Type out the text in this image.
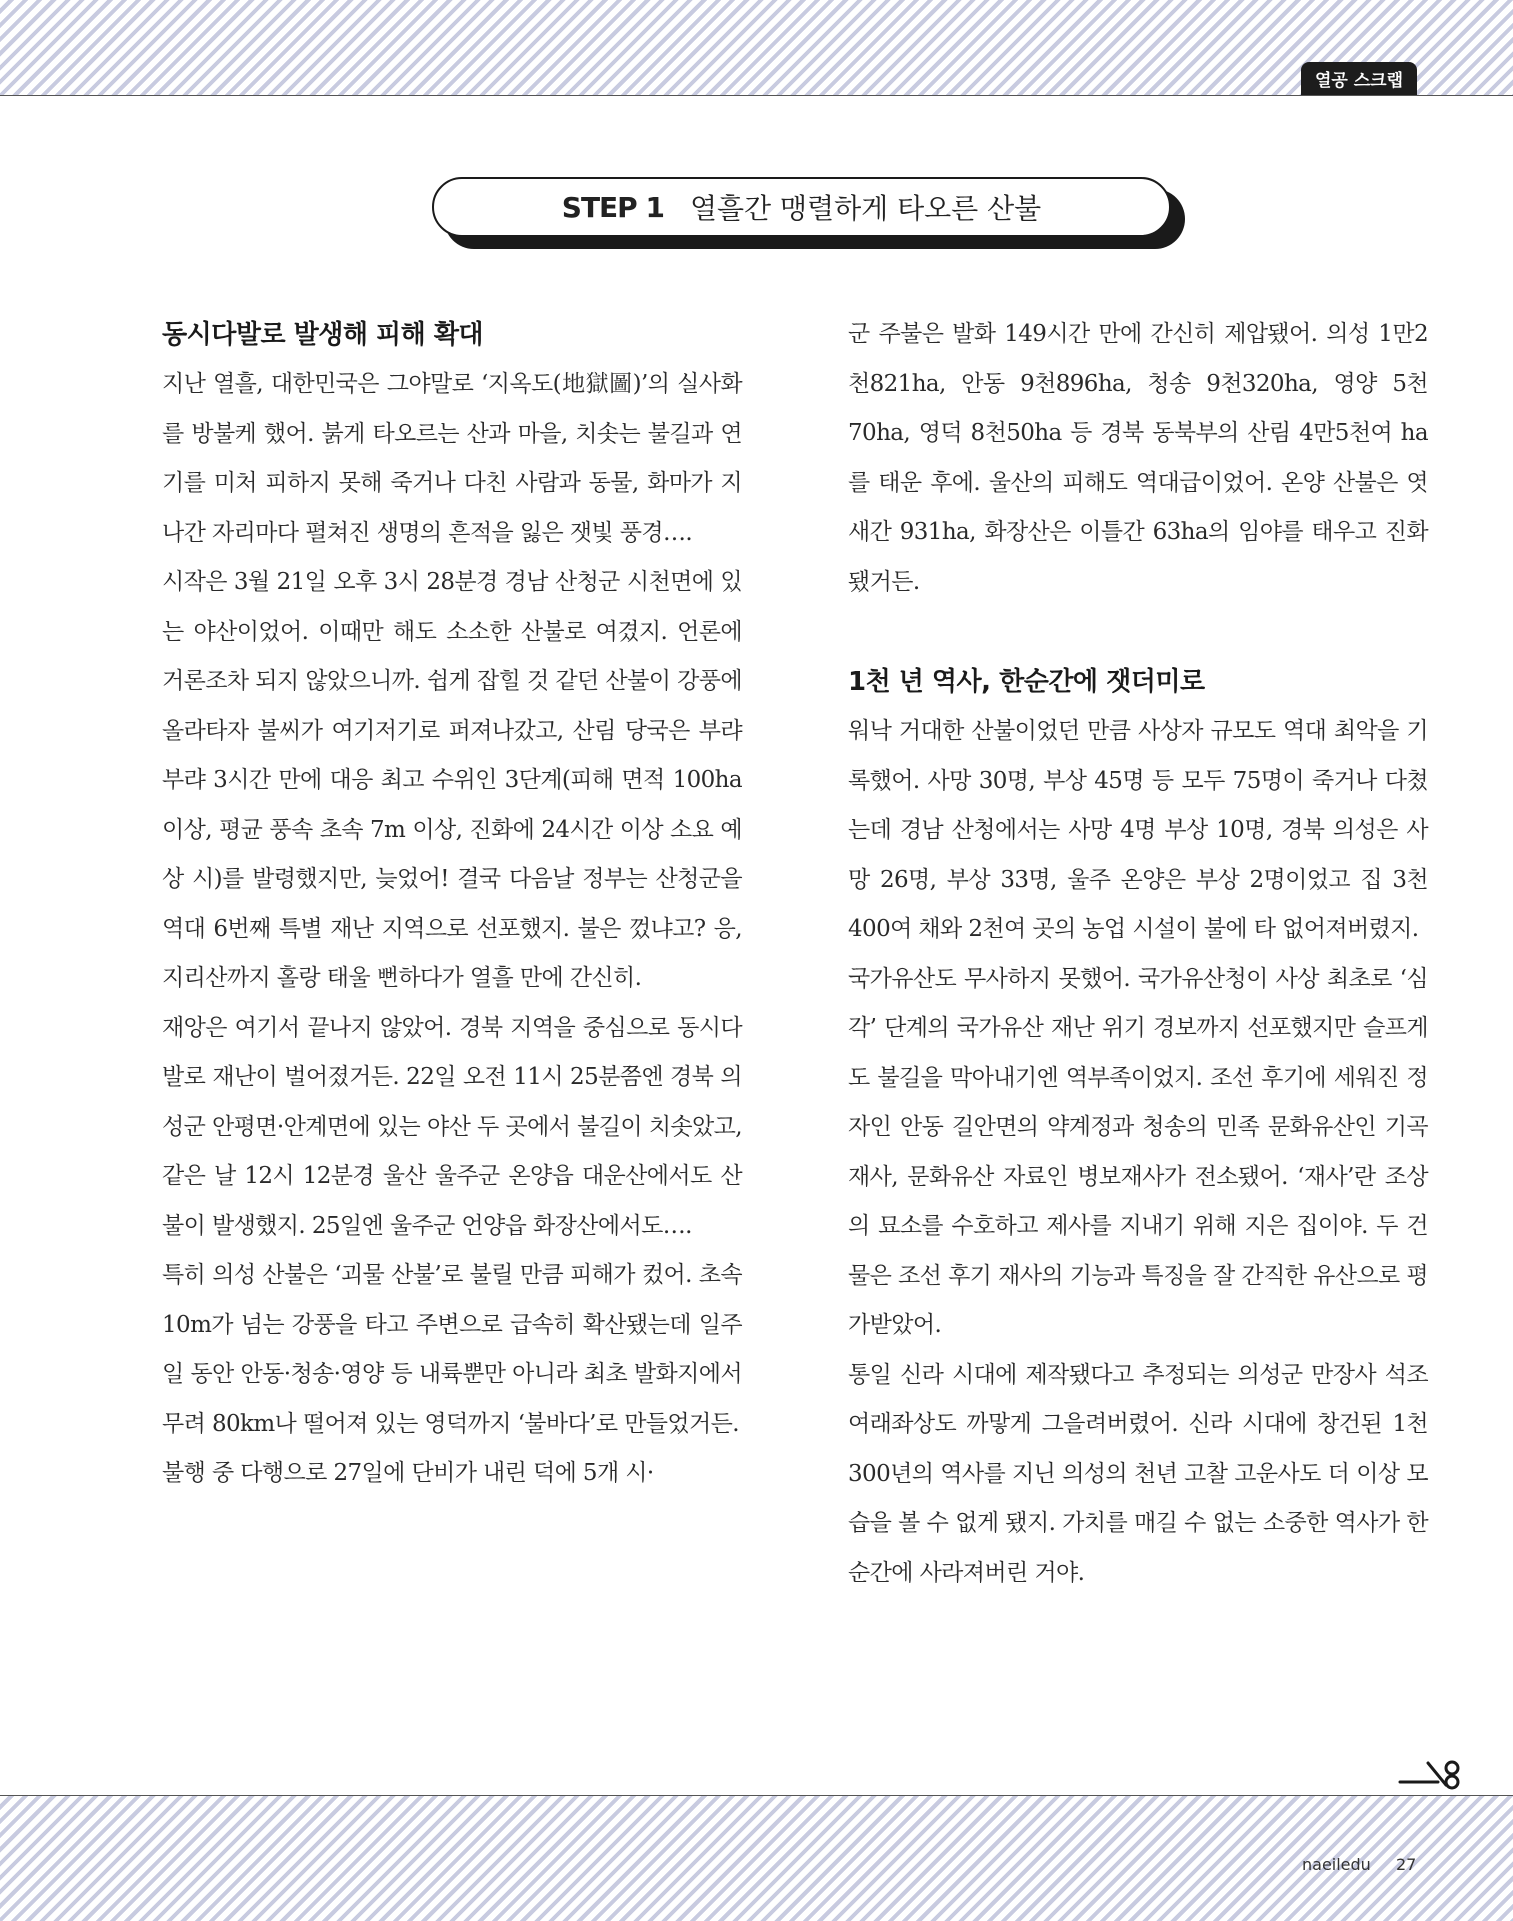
열공 스크랩
STEP 1 열흘간 맹렬하게 타오른 산불
동시다발로 발생해 피해 확대

지난 열흘, 대한민국은 그야말로 ‘지옥도(地獄圖)’의 실사화를 방불케 했어. 붉게 타오르는 산과 마을, 치솟는 불길과 연기를 미처 피하지 못해 죽거나 다친 사람과 동물, 화마가 지나간 자리마다 펼쳐진 생명의 흔적을 잃은 잿빛 풍경….

시작은 3월 21일 오후 3시 28분경 경남 산청군 시천면에 있는 야산이었어. 이때만 해도 소소한 산불로 여겼지. 언론에 거론조차 되지 않았으니까. 쉽게 잡힐 것 같던 산불이 강풍에 올라타자 불씨가 여기저기로 퍼져나갔고, 산림 당국은 부랴부랴 3시간 만에 대응 최고 수위인 3단계(피해 면적 100ha 이상, 평균 풍속 초속 7m 이상, 진화에 24시간 이상 소요 예상 시)를 발령했지만, 늦었어! 결국 다음날 정부는 산청군을 역대 6번째 특별 재난 지역으로 선포했지. 불은 껐냐고? 응, 지리산까지 홀랑 태울 뻔하다가 열흘 만에 간신히.

재앙은 여기서 끝나지 않았어. 경북 지역을 중심으로 동시다발로 재난이 벌어졌거든. 22일 오전 11시 25분쯤엔 경북 의성군 안평면·안계면에 있는 야산 두 곳에서 불길이 치솟았고, 같은 날 12시 12분경 울산 울주군 온양읍 대운산에서도 산불이 발생했지. 25일엔 울주군 언양읍 화장산에서도….

특히 의성 산불은 ‘괴물 산불’로 불릴 만큼 피해가 컸어. 초속 10m가 넘는 강풍을 타고 주변으로 급속히 확산됐는데 일주일 동안 안동·청송·영양 등 내륙뿐만 아니라 최초 발화지에서 무려 80km나 떨어져 있는 영덕까지 ‘불바다’로 만들었거든.

불행 중 다행으로 27일에 단비가 내린 덕에 5개 시·

군 주불은 발화 149시간 만에 간신히 제압됐어. 의성 1만2천821ha, 안동 9천896ha, 청송 9천320ha, 영양 5천70ha, 영덕 8천50ha 등 경북 동북부의 산림 4만5천여 ha를 태운 후에. 울산의 피해도 역대급이었어. 온양 산불은 엿새간 931ha, 화장산은 이틀간 63ha의 임야를 태우고 진화됐거든.

1천 년 역사, 한순간에 잿더미로

워낙 거대한 산불이었던 만큼 사상자 규모도 역대 최악을 기록했어. 사망 30명, 부상 45명 등 모두 75명이 죽거나 다쳤는데 경남 산청에서는 사망 4명 부상 10명, 경북 의성은 사망 26명, 부상 33명, 울주 온양은 부상 2명이었고 집 3천400여 채와 2천여 곳의 농업 시설이 불에 타 없어져버렸지.

국가유산도 무사하지 못했어. 국가유산청이 사상 최초로 ‘심각’ 단계의 국가유산 재난 위기 경보까지 선포했지만 슬프게도 불길을 막아내기엔 역부족이었지. 조선 후기에 세워진 정자인 안동 길안면의 약계정과 청송의 민족 문화유산인 기곡재사, 문화유산 자료인 병보재사가 전소됐어. ‘재사’란 조상의 묘소를 수호하고 제사를 지내기 위해 지은 집이야. 두 건물은 조선 후기 재사의 기능과 특징을 잘 간직한 유산으로 평가받았어.

통일 신라 시대에 제작됐다고 추정되는 의성군 만장사 석조여래좌상도 까맣게 그을려버렸어. 신라 시대에 창건된 1천300년의 역사를 지닌 의성의 천년 고찰 고운사도 더 이상 모습을 볼 수 없게 됐지. 가치를 매길 수 없는 소중한 역사가 한순간에 사라져버린 거야.

naeiledu 27
